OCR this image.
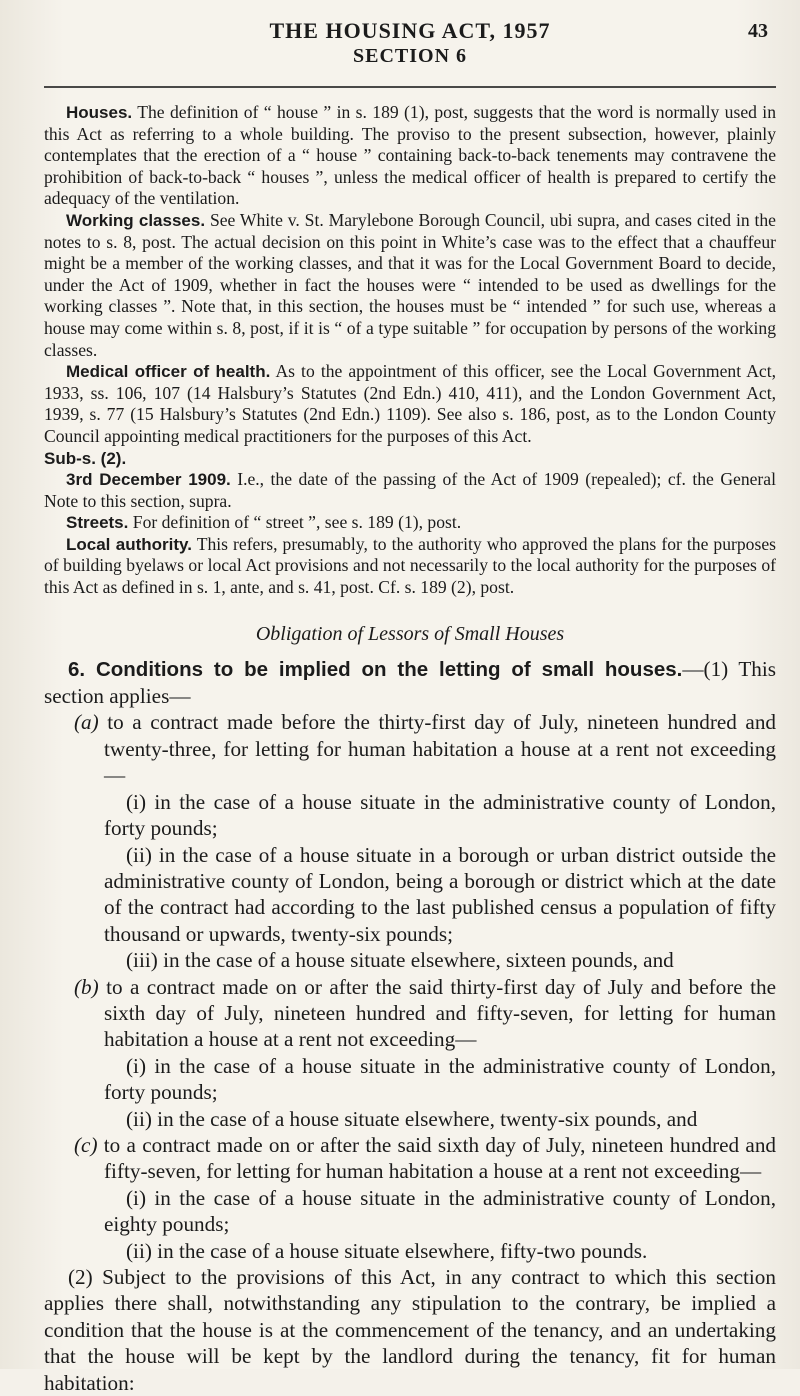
THE HOUSING ACT, 1957
SECTION 6
43

Houses. The definition of “ house ” in s. 189 (1), post, suggests that the word is normally used in this Act as referring to a whole building. The proviso to the present subsection, however, plainly contemplates that the erection of a “ house ” containing back-to-back tenements may contravene the prohibition of back-to-back “ houses ”, unless the medical officer of health is prepared to certify the adequacy of the ventilation.

Working classes. See White v. St. Marylebone Borough Council, ubi supra, and cases cited in the notes to s. 8, post. The actual decision on this point in White’s case was to the effect that a chauffeur might be a member of the working classes, and that it was for the Local Government Board to decide, under the Act of 1909, whether in fact the houses were “ intended to be used as dwellings for the working classes ”. Note that, in this section, the houses must be “ intended ” for such use, whereas a house may come within s. 8, post, if it is “ of a type suitable ” for occupation by persons of the working classes.

Medical officer of health. As to the appointment of this officer, see the Local Government Act, 1933, ss. 106, 107 (14 Halsbury’s Statutes (2nd Edn.) 410, 411), and the London Government Act, 1939, s. 77 (15 Halsbury’s Statutes (2nd Edn.) 1109). See also s. 186, post, as to the London County Council appointing medical practitioners for the purposes of this Act.

Sub-s. (2).

3rd December 1909. I.e., the date of the passing of the Act of 1909 (repealed); cf. the General Note to this section, supra.

Streets. For definition of “ street ”, see s. 189 (1), post.

Local authority. This refers, presumably, to the authority who approved the plans for the purposes of building byelaws or local Act provisions and not necessarily to the local authority for the purposes of this Act as defined in s. 1, ante, and s. 41, post. Cf. s. 189 (2), post.

Obligation of Lessors of Small Houses

6. Conditions to be implied on the letting of small houses.—(1) This section applies—

(a) to a contract made before the thirty-first day of July, nineteen hundred and twenty-three, for letting for human habitation a house at a rent not exceeding—

(i) in the case of a house situate in the administrative county of London, forty pounds;

(ii) in the case of a house situate in a borough or urban district outside the administrative county of London, being a borough or district which at the date of the contract had according to the last published census a population of fifty thousand or upwards, twenty-six pounds;

(iii) in the case of a house situate elsewhere, sixteen pounds, and

(b) to a contract made on or after the said thirty-first day of July and before the sixth day of July, nineteen hundred and fifty-seven, for letting for human habitation a house at a rent not exceeding—

(i) in the case of a house situate in the administrative county of London, forty pounds;

(ii) in the case of a house situate elsewhere, twenty-six pounds, and

(c) to a contract made on or after the said sixth day of July, nineteen hundred and fifty-seven, for letting for human habitation a house at a rent not exceeding—

(i) in the case of a house situate in the administrative county of London, eighty pounds;

(ii) in the case of a house situate elsewhere, fifty-two pounds.

(2) Subject to the provisions of this Act, in any contract to which this section applies there shall, notwithstanding any stipulation to the contrary, be implied a condition that the house is at the commencement of the tenancy, and an undertaking that the house will be kept by the landlord during the tenancy, fit for human habitation:
